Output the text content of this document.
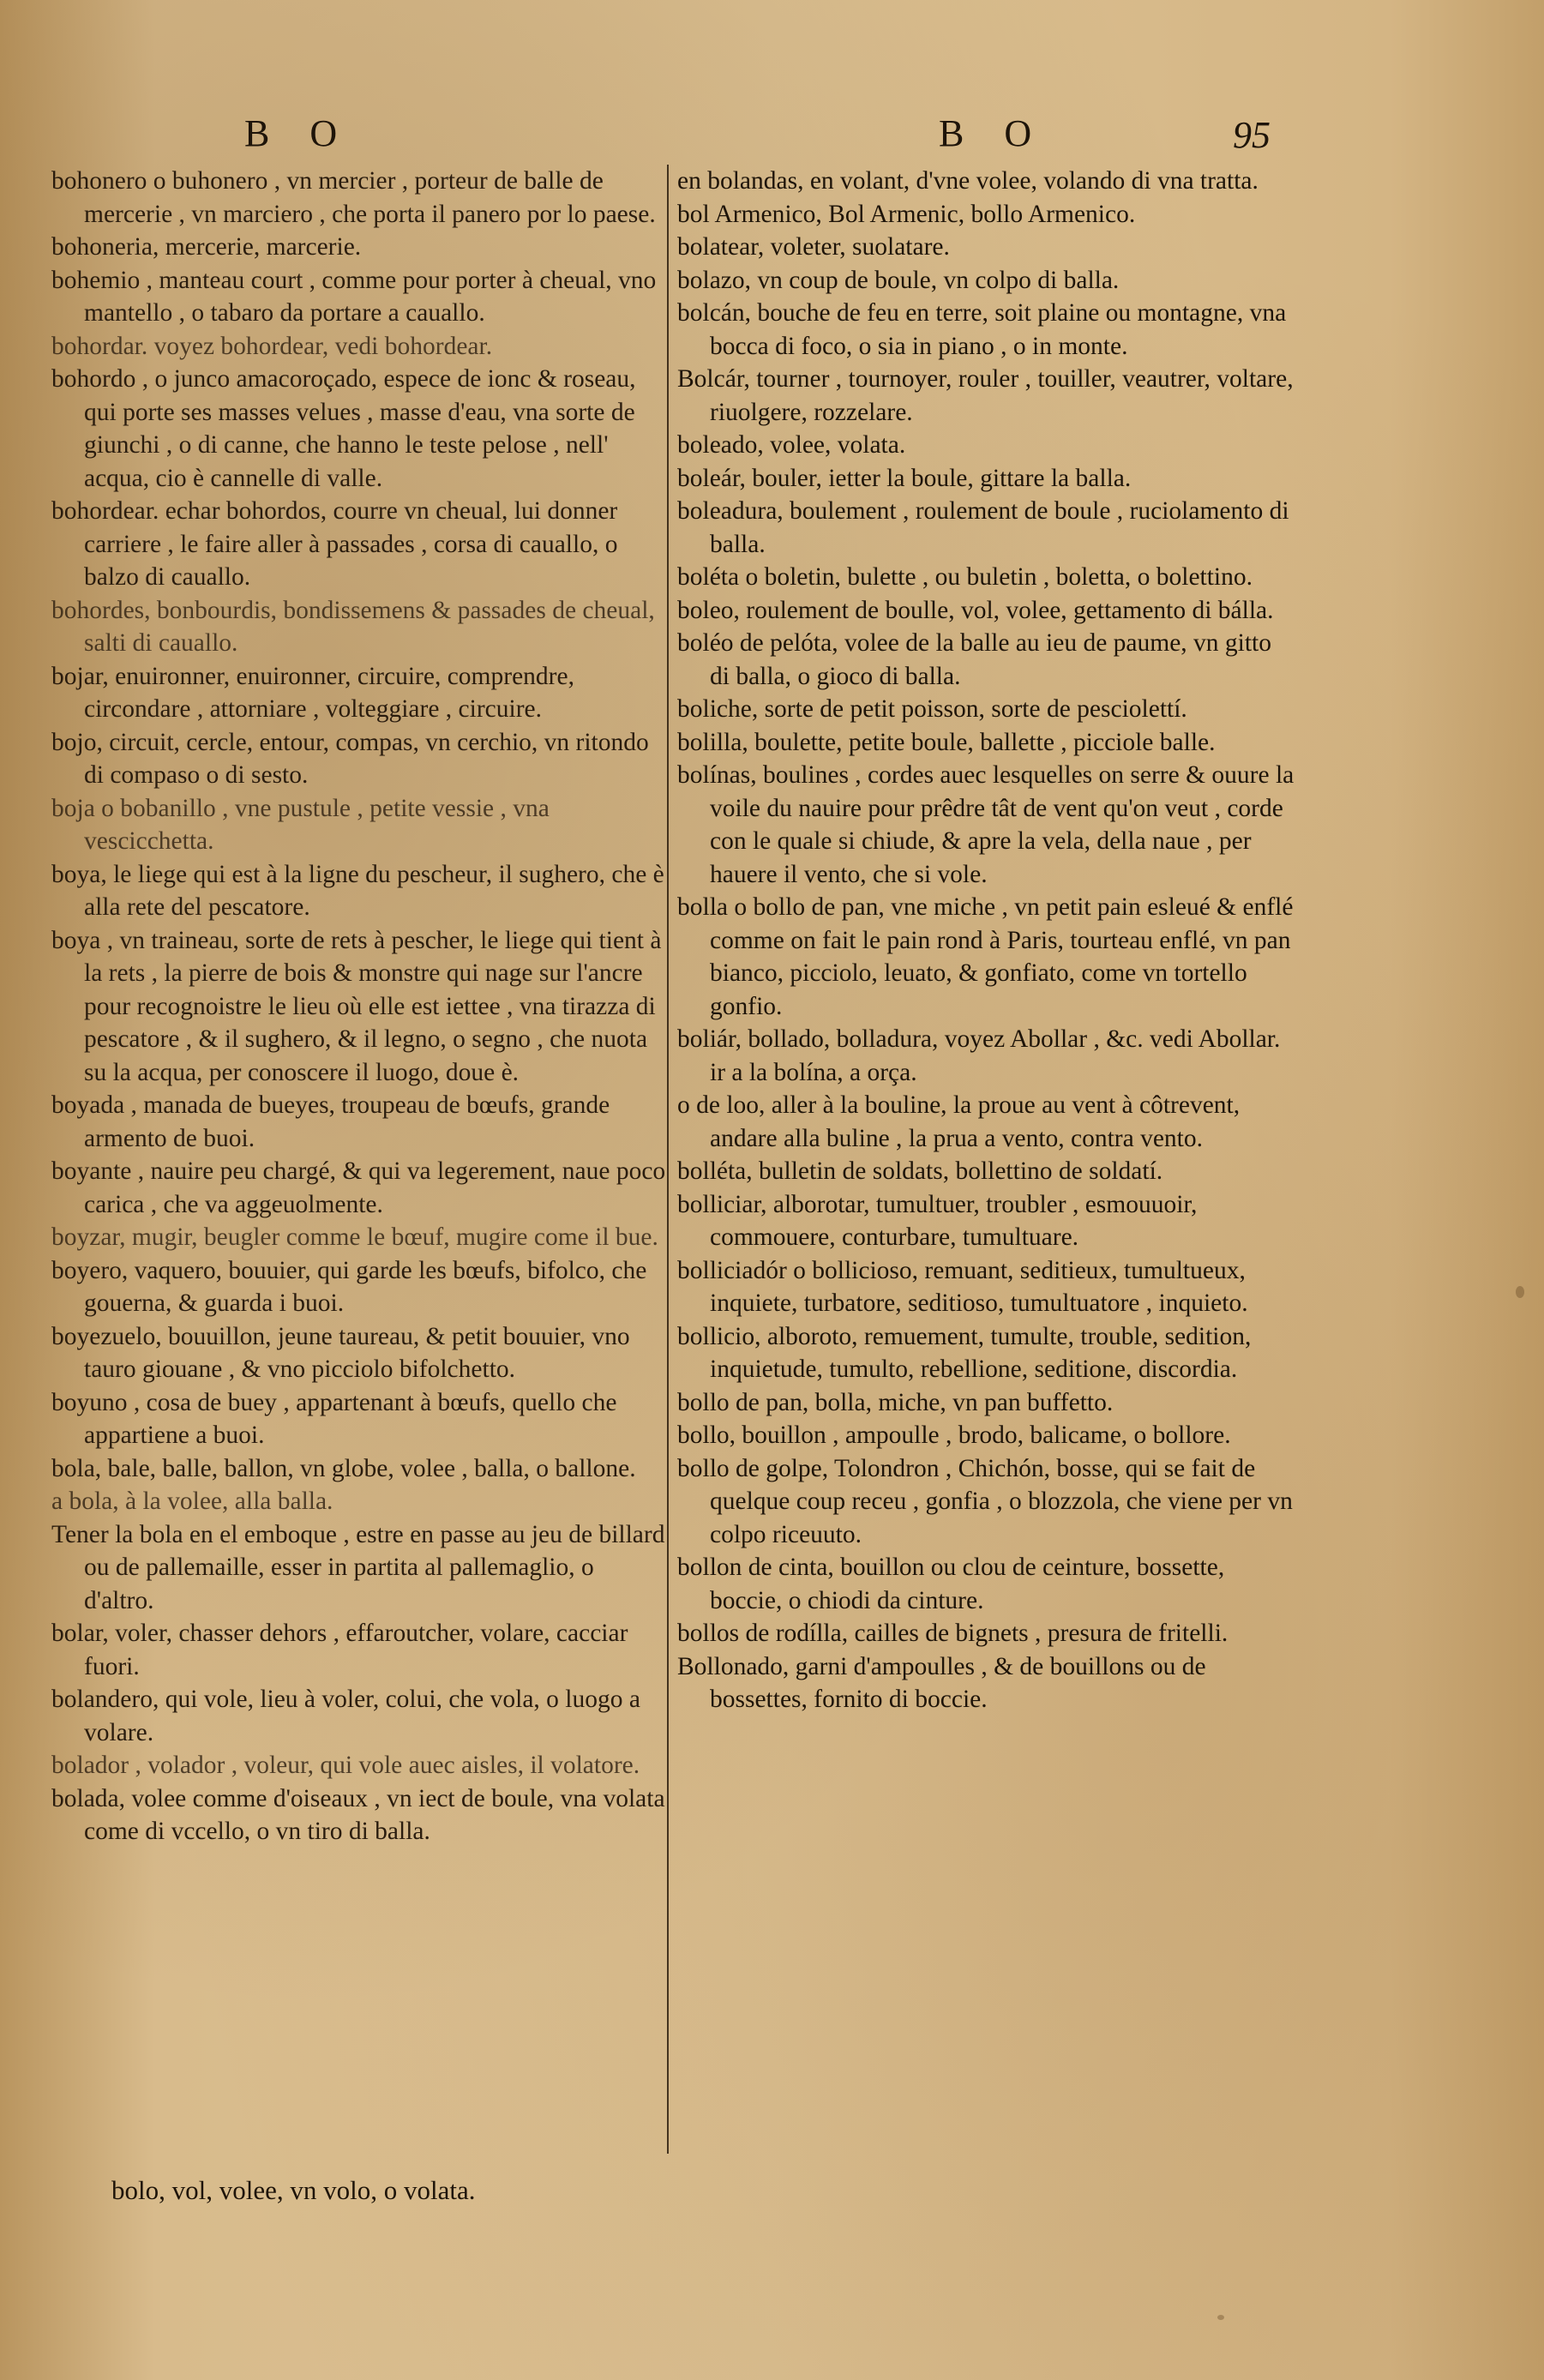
B O	B O	95

bohonero o buhonero , vn mercier , porteur de balle de mercerie , vn marciero , che porta il panero por lo paese.

bohoneria, mercerie, marcerie.

bohemio , manteau court , comme pour porter à cheual, vno mantello , o tabaro da portare a cauallo.

bohordar. voyez bohordear, vedi bohordear.

bohordo , o junco amacoroçado, espece de ionc & roseau, qui porte ses masses velues , masse d'eau, vna sorte de giunchi , o di canne, che hanno le teste pelose , nell' acqua, cio è cannelle di valle.

bohordear. echar bohordos, courre vn cheual, lui donner carriere , le faire aller à passades , corsa di cauallo, o balzo di cauallo.

bohordes, bonbourdis, bondissemens & passades de cheual, salti di cauallo.

bojar, enuironner, enuironner, circuire, comprendre, circondare , attorniare , volteggiare , circuire.

bojo, circuit, cercle, entour, compas, vn cerchio, vn ritondo di compaso o di sesto.

boja o bobanillo , vne pustule , petite vessie , vna vescicchetta.

boya, le liege qui est à la ligne du pescheur, il sughero, che è alla rete del pescatore.

boya , vn traineau, sorte de rets à pescher, le liege qui tient à la rets , la pierre de bois & monstre qui nage sur l'ancre pour recognoistre le lieu où elle est iettee , vna tirazza di pescatore , & il sughero, & il legno, o segno , che nuota su la acqua, per conoscere il luogo, doue è.

boyada , manada de bueyes, troupeau de bœufs, grande armento de buoi.

boyante , nauire peu chargé, & qui va legerement, naue poco carica , che va aggeuolmente.

boyzar, mugir, beugler comme le bœuf, mugire come il bue.

boyero, vaquero, bouuier, qui garde les bœufs, bifolco, che gouerna, & guarda i buoi.

boyezuelo, bouuillon, jeune taureau, & petit bouuier, vno tauro giouane , & vno picciolo bifolchetto.

boyuno , cosa de buey , appartenant à bœufs, quello che appartiene a buoi.

bola, bale, balle, ballon, vn globe, volee , balla, o ballone.

a bola, à la volee, alla balla.

Tener la bola en el emboque , estre en passe au jeu de billard ou de pallemaille, esser in partita al pallemaglio, o d'altro.

bolar, voler, chasser dehors , effaroutcher, volare, cacciar fuori.

bolandero, qui vole, lieu à voler, colui, che vola, o luogo a volare.

bolador , volador , voleur, qui vole auec aisles, il volatore.

bolada, volee comme d'oiseaux , vn iect de boule, vna volata come di vccello, o vn tiro di balla.

en bolandas, en volant, d'vne volee, volando di vna tratta.

bol Armenico, Bol Armenic, bollo Armenico.

bolatear, voleter, suolatare.

bolazo, vn coup de boule, vn colpo di balla.

bolcán, bouche de feu en terre, soit plaine ou montagne, vna bocca di foco, o sia in piano , o in monte.

Bolcár, tourner , tournoyer, rouler , touiller, veautrer, voltare, riuolgere, rozzelare.

boleado, volee, volata.

boleár, bouler, ietter la boule, gittare la balla.

boleadura, boulement , roulement de boule , ruciolamento di balla.

boléta o boletin, bulette , ou buletin , boletta, o bolettino.

boleo, roulement de boulle, vol, volee, gettamento di bálla.

boléo de pelóta, volee de la balle au ieu de paume, vn gitto di balla, o gioco di balla.

boliche, sorte de petit poisson, sorte de pesciolettí.

bolilla, boulette, petite boule, ballette , picciole balle.

bolínas, boulines , cordes auec lesquelles on serre & ouure la voile du nauire pour prêdre tât de vent qu'on veut , corde con le quale si chiude, & apre la vela, della naue , per hauere il vento, che si vole.

bolla o bollo de pan, vne miche , vn petit pain esleué & enflé comme on fait le pain rond à Paris, tourteau enflé, vn pan bianco, picciolo, leuato, & gonfiato, come vn tortello gonfio.

boliár, bollado, bolladura, voyez Abollar , &c. vedi Abollar. ir a la bolína, a orça.

o de loo, aller à la bouline, la proue au vent à côtrevent, andare alla buline , la prua a vento, contra vento.

bolléta, bulletin de soldats, bollettino de soldatí.

bolliciar, alborotar, tumultuer, troubler , esmouuoir, commouere, conturbare, tumultuare.

bolliciadór o bollicioso, remuant, seditieux, tumultueux, inquiete, turbatore, seditioso, tumultuatore , inquieto.

bollicio, alboroto, remuement, tumulte, trouble, sedition, inquietude, tumulto, rebellione, seditione, discordia.

bollo de pan, bolla, miche, vn pan buffetto.

bollo, bouillon , ampoulle , brodo, balicame, o bollore.

bollo de golpe, Tolondron , Chichón, bosse, qui se fait de quelque coup receu , gonfia , o blozzola, che viene per vn colpo riceuuto.

bollon de cinta, bouillon ou clou de ceinture, bossette, boccie, o chiodi da cinture.

bollos de rodílla, cailles de bignets , presura de fritelli.

Bollonado, garni d'ampoulles , & de bouillons ou de bossettes, fornito di boccie.

bolo, vol, volee, vn volo, o volata.
